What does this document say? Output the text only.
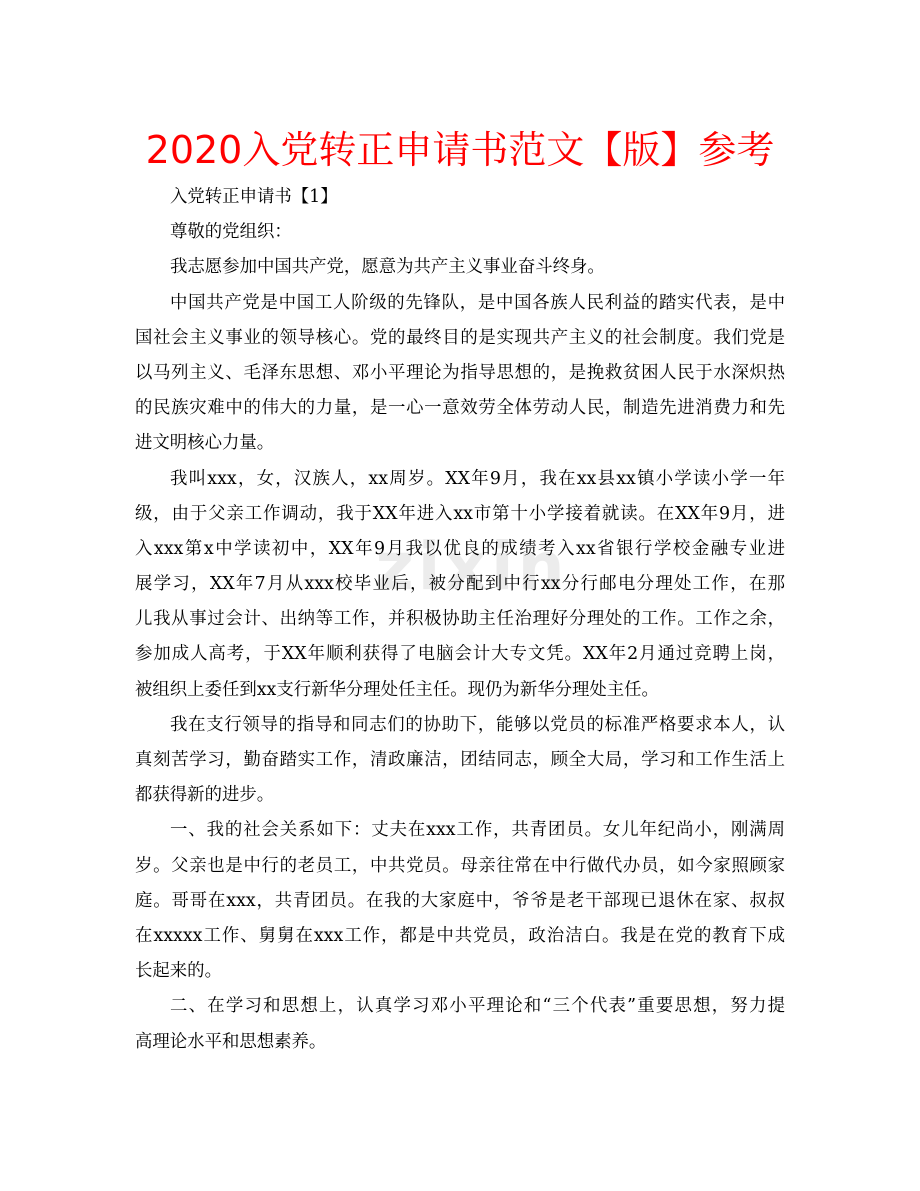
2020入党转正申请书范文【版】参考
zixin
入党转正申请书【1】
尊敬的党组织：
我志愿参加中国共产党，愿意为共产主义事业奋斗终身。
中国共产党是中国工人阶级的先锋队，是中国各族人民利益的踏实代表，是中
国社会主义事业的领导核心。党的最终目的是实现共产主义的社会制度。我们党是
以马列主义、毛泽东思想、邓小平理论为指导思想的，是挽救贫困人民于水深炽热
的民族灾难中的伟大的力量，是一心一意效劳全体劳动人民，制造先进消费力和先
进文明核心力量。
我叫xxx，女，汉族人，xx周岁。XX年9月，我在xx县xx镇小学读小学一年
级，由于父亲工作调动，我于XX年进入xx市第十小学接着就读。在XX年9月，进
入xxx第x中学读初中，XX年9月我以优良的成绩考入xx省银行学校金融专业进
展学习，XX年7月从xxx校毕业后，被分配到中行xx分行邮电分理处工作，在那
儿我从事过会计、出纳等工作，并积极协助主任治理好分理处的工作。工作之余，
参加成人高考，于XX年顺利获得了电脑会计大专文凭。XX年2月通过竞聘上岗，
被组织上委任到xx支行新华分理处任主任。现仍为新华分理处主任。
我在支行领导的指导和同志们的协助下，能够以党员的标准严格要求本人，认
真刻苦学习，勤奋踏实工作，清政廉洁，团结同志，顾全大局，学习和工作生活上
都获得新的进步。
一、我的社会关系如下：丈夫在xxx工作，共青团员。女儿年纪尚小，刚满周
岁。父亲也是中行的老员工，中共党员。母亲往常在中行做代办员，如今家照顾家
庭。哥哥在xxx，共青团员。在我的大家庭中，爷爷是老干部现已退休在家、叔叔
在xxxxx工作、舅舅在xxx工作，都是中共党员，政治洁白。我是在党的教育下成
长起来的。
二、在学习和思想上，认真学习邓小平理论和“三个代表”重要思想，努力提
高理论水平和思想素养。
